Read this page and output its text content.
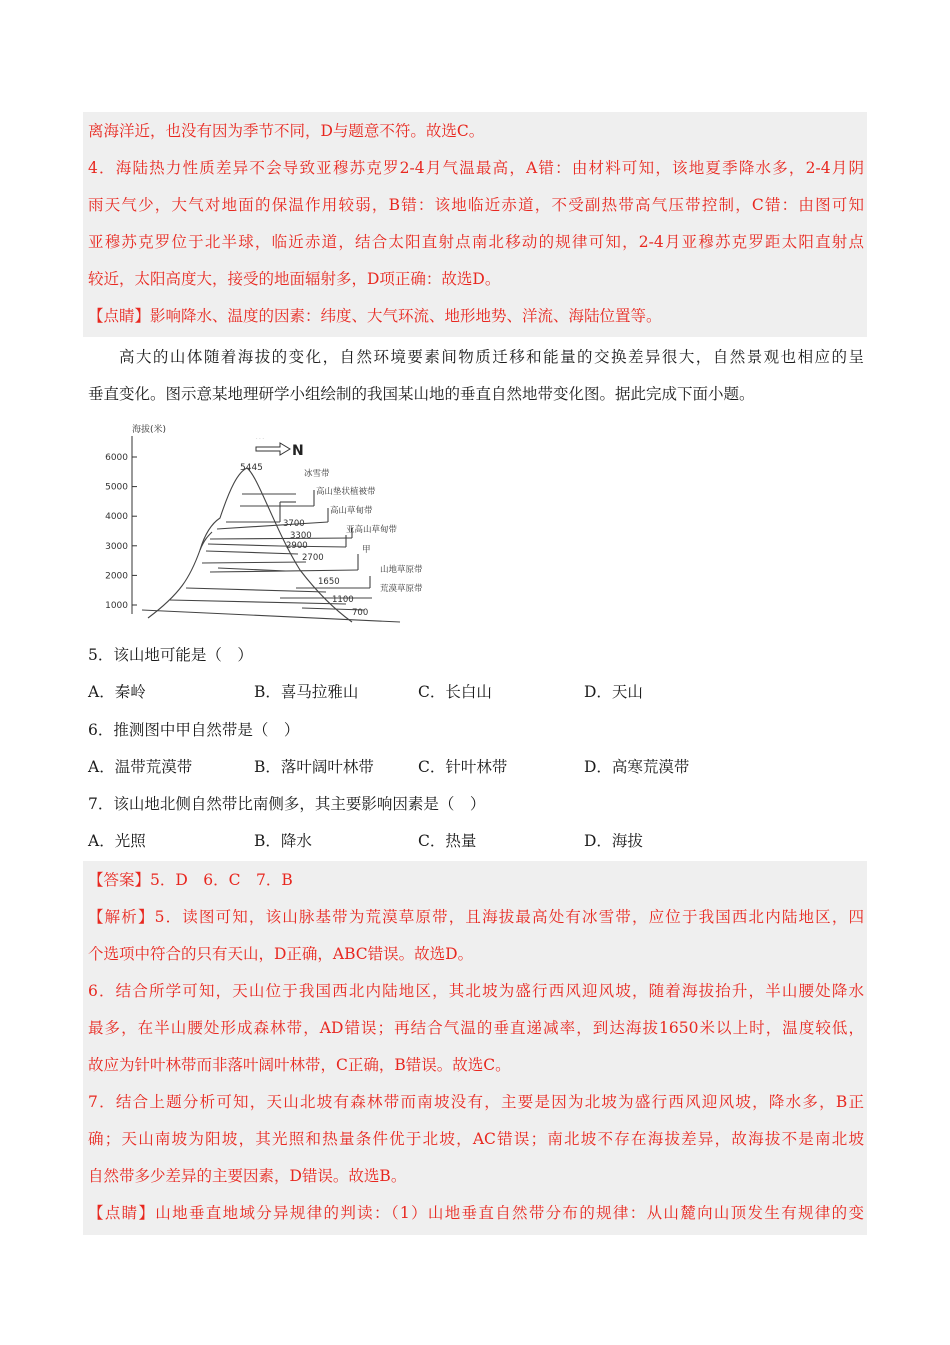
离海洋近，也没有因为季节不同，D与题意不符。故选C。
4．海陆热力性质差异不会导致亚穆苏克罗2-4月气温最高，A错：由材料可知，该地夏季降水多，2-4月阴
雨天气少，大气对地面的保温作用较弱，B错：该地临近赤道，不受副热带高气压带控制，C错：由图可知
亚穆苏克罗位于北半球，临近赤道，结合太阳直射点南北移动的规律可知，2-4月亚穆苏克罗距太阳直射点
较近，太阳高度大，接受的地面辐射多，D项正确：故选D。
【点睛】影响降水、温度的因素：纬度、大气环流、地形地势、洋流、海陆位置等。
高大的山体随着海拔的变化，自然环境要素间物质迁移和能量的交换差异很大，自然景观也相应的呈
垂直变化。图示意某地理研学小组绘制的我国某山地的垂直自然地带变化图。据此完成下面小题。
海拔(米)
1000
2000
3000
4000
5000
6000
· · ·
N
5445
3700
3300
2900
2700
1650
1100
700
冰雪带
高山垫状植被带
高山草甸带
亚高山草甸带
甲
山地草原带
荒漠草原带
5．该山地可能是（　）
A．秦岭	B．喜马拉雅山	C．长白山	D．天山
6．推测图中甲自然带是（　）
A．温带荒漠带	B．落叶阔叶林带	C．针叶林带	D．高寒荒漠带
7．该山地北侧自然带比南侧多，其主要影响因素是（　）
A．光照	B．降水	C．热量	D．海拔
【答案】5．D　6．C　7．B
【解析】5．读图可知，该山脉基带为荒漠草原带，且海拔最高处有冰雪带，应位于我国西北内陆地区，四
个选项中符合的只有天山，D正确，ABC错误。故选D。
6．结合所学可知，天山位于我国西北内陆地区，其北坡为盛行西风迎风坡，随着海拔抬升，半山腰处降水
最多，在半山腰处形成森林带，AD错误；再结合气温的垂直递减率，到达海拔1650米以上时，温度较低，
故应为针叶林带而非落叶阔叶林带，C正确，B错误。故选C。
7．结合上题分析可知，天山北坡有森林带而南坡没有，主要是因为北坡为盛行西风迎风坡，降水多，B正
确；天山南坡为阳坡，其光照和热量条件优于北坡，AC错误；南北坡不存在海拔差异，故海拔不是南北坡
自然带多少差异的主要因素，D错误。故选B。
【点睛】山地垂直地域分异规律的判读：（1）山地垂直自然带分布的规律：从山麓向山顶发生有规律的变
